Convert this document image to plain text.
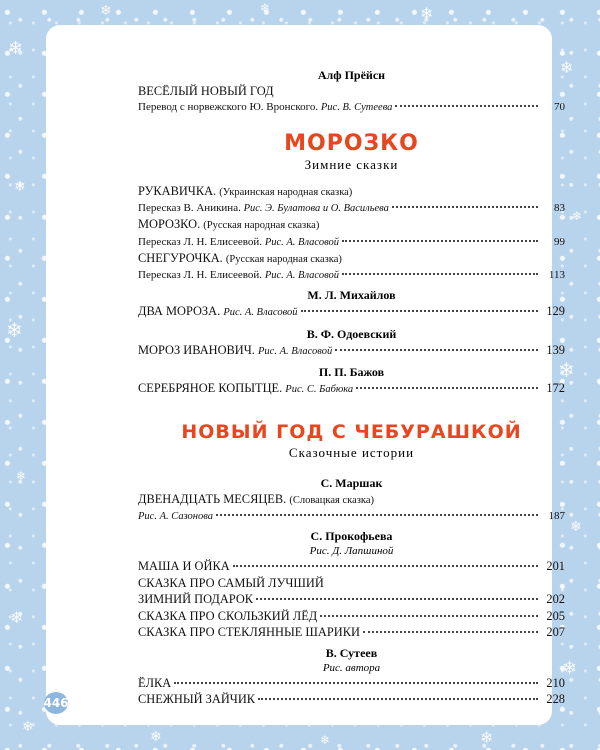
❄
❄
❄
❄
❄
❄
❄
❄
❄
❄
❄
❄	❄	❄
❄	❄	❄
Алф Прёйсн
ВЕСЁЛЫЙ НОВЫЙ ГОД
Перевод с норвежского Ю. Вронского.
Рис. В. Сутеева	70
МОРОЗКО
Зимние сказки
РУКАВИЧКА.
(Украинская народная сказка)
Пересказ В. Аникина.
Рис. Э. Булатова и О. Васильева	83
МОРОЗКО.
(Русская народная сказка)
Пересказ Л. Н. Елисеевой.
Рис. А. Власовой	99
СНЕГУРОЧКА.
(Русская народная сказка)
Пересказ Л. Н. Елисеевой.
Рис. А. Власовой	113
М. Л. Михайлов
ДВА МОРОЗА.
Рис. А. Власовой	129
В. Ф. Одоевский
МОРОЗ ИВАНОВИЧ.
Рис. А. Власовой	139
П. П. Бажов
СЕРЕБРЯНОЕ КОПЫТЦЕ.
Рис. С. Бабюка	172
НОВЫЙ ГОД С ЧЕБУРАШКОЙ
Сказочные истории
С. Маршак
ДВЕНАДЦАТЬ МЕСЯЦЕВ.
(Словацкая сказка)
Рис. А. Сазонова	187
С. Прокофьева
Рис. Д. Лапшиной
МАША И ОЙКА	201
СКАЗКА ПРО САМЫЙ ЛУЧШИЙ
ЗИМНИЙ ПОДАРОК	202
СКАЗКА ПРО СКОЛЬЗКИЙ ЛЁД	205
СКАЗКА ПРО СТЕКЛЯННЫЕ ШАРИКИ	207
В. Сутеев
Рис. автора
ЁЛКА	210
СНЕЖНЫЙ ЗАЙЧИК	228
446
